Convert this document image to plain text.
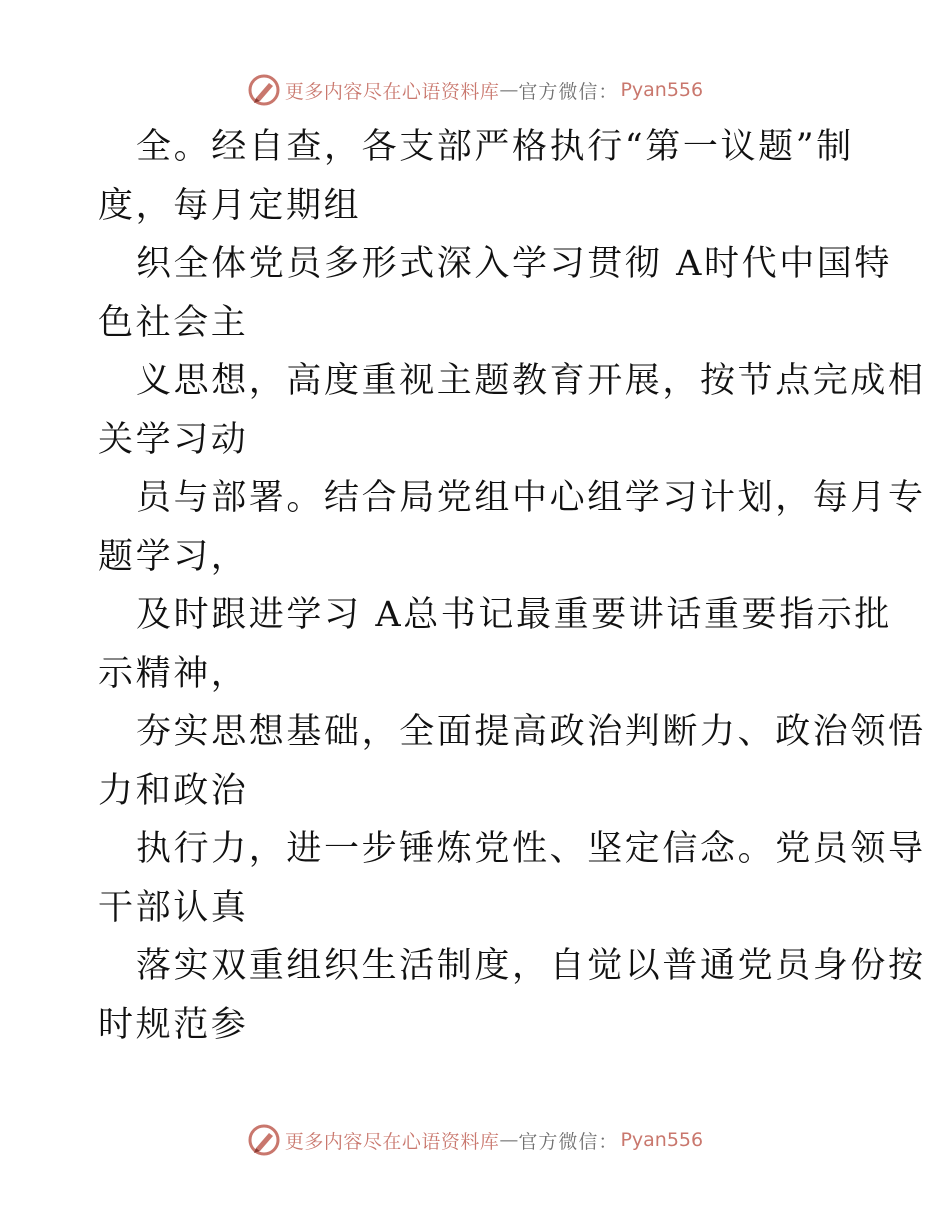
更多内容尽在心语资料库 — 官方微信： Pyan556
全。经自查，各支部严格执行“第一议题”制
度，每月定期组
织全体党员多形式深入学习贯彻 A时代中国特
色社会主
义思想，高度重视主题教育开展，按节点完成相
关学习动
员与部署。结合局党组中心组学习计划，每月专
题学习，
及时跟进学习 A总书记最重要讲话重要指示批
示精神，
夯实思想基础，全面提高政治判断力、政治领悟
力和政治
执行力，进一步锤炼党性、坚定信念。党员领导
干部认真
落实双重组织生活制度，自觉以普通党员身份按
时规范参
更多内容尽在心语资料库 — 官方微信： Pyan556
